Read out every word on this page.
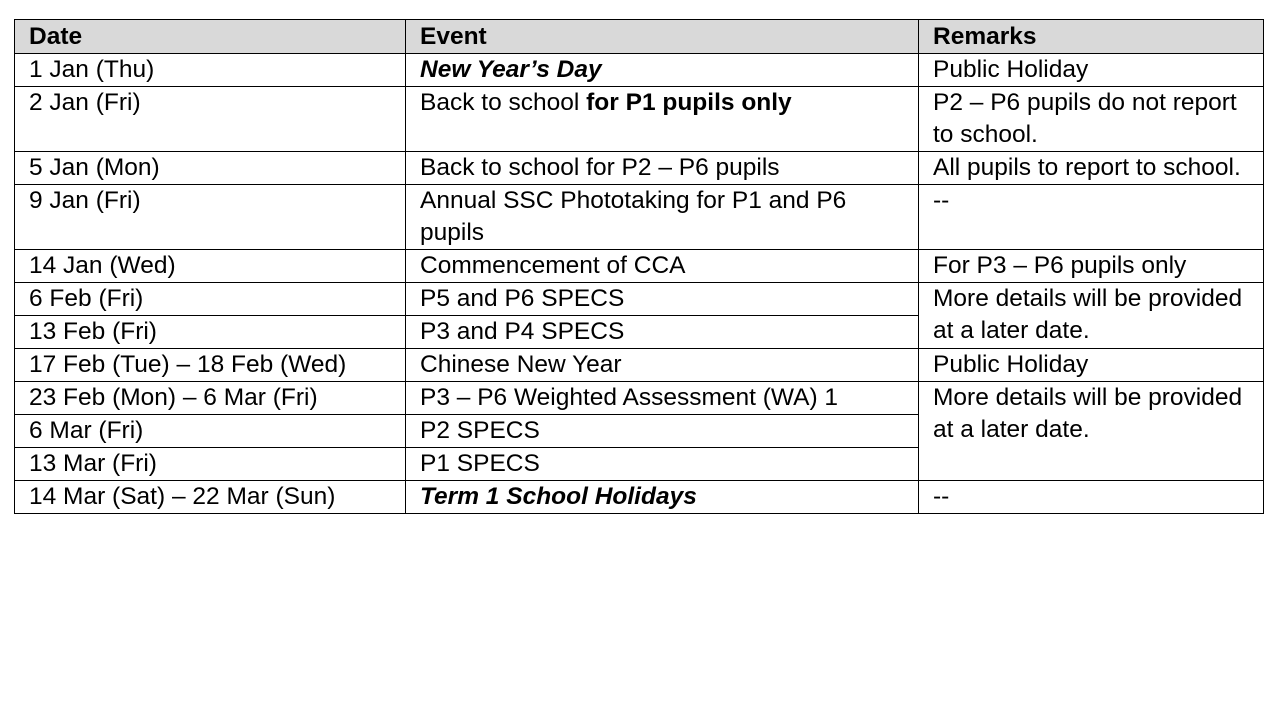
Date	Event	Remarks
1 Jan (Thu)	New Year’s Day	Public Holiday
2 Jan (Fri)	Back to school for P1 pupils only	P2 – P6 pupils do not report to school.
5 Jan (Mon)	Back to school for P2 – P6 pupils	All pupils to report to school.
9 Jan (Fri)	Annual SSC Phototaking for P1 and P6 pupils	--
14 Jan (Wed)	Commencement of CCA	For P3 – P6 pupils only
6 Feb (Fri)	P5 and P6 SPECS	More details will be provided at a later date.
13 Feb (Fri)	P3 and P4 SPECS	
17 Feb (Tue) – 18 Feb (Wed)	Chinese New Year	Public Holiday
23 Feb (Mon) – 6 Mar (Fri)	P3 – P6 Weighted Assessment (WA) 1	More details will be provided at a later date.
6 Mar (Fri)	P2 SPECS	
13 Mar (Fri)	P1 SPECS	
14 Mar (Sat) – 22 Mar (Sun)	Term 1 School Holidays	--
